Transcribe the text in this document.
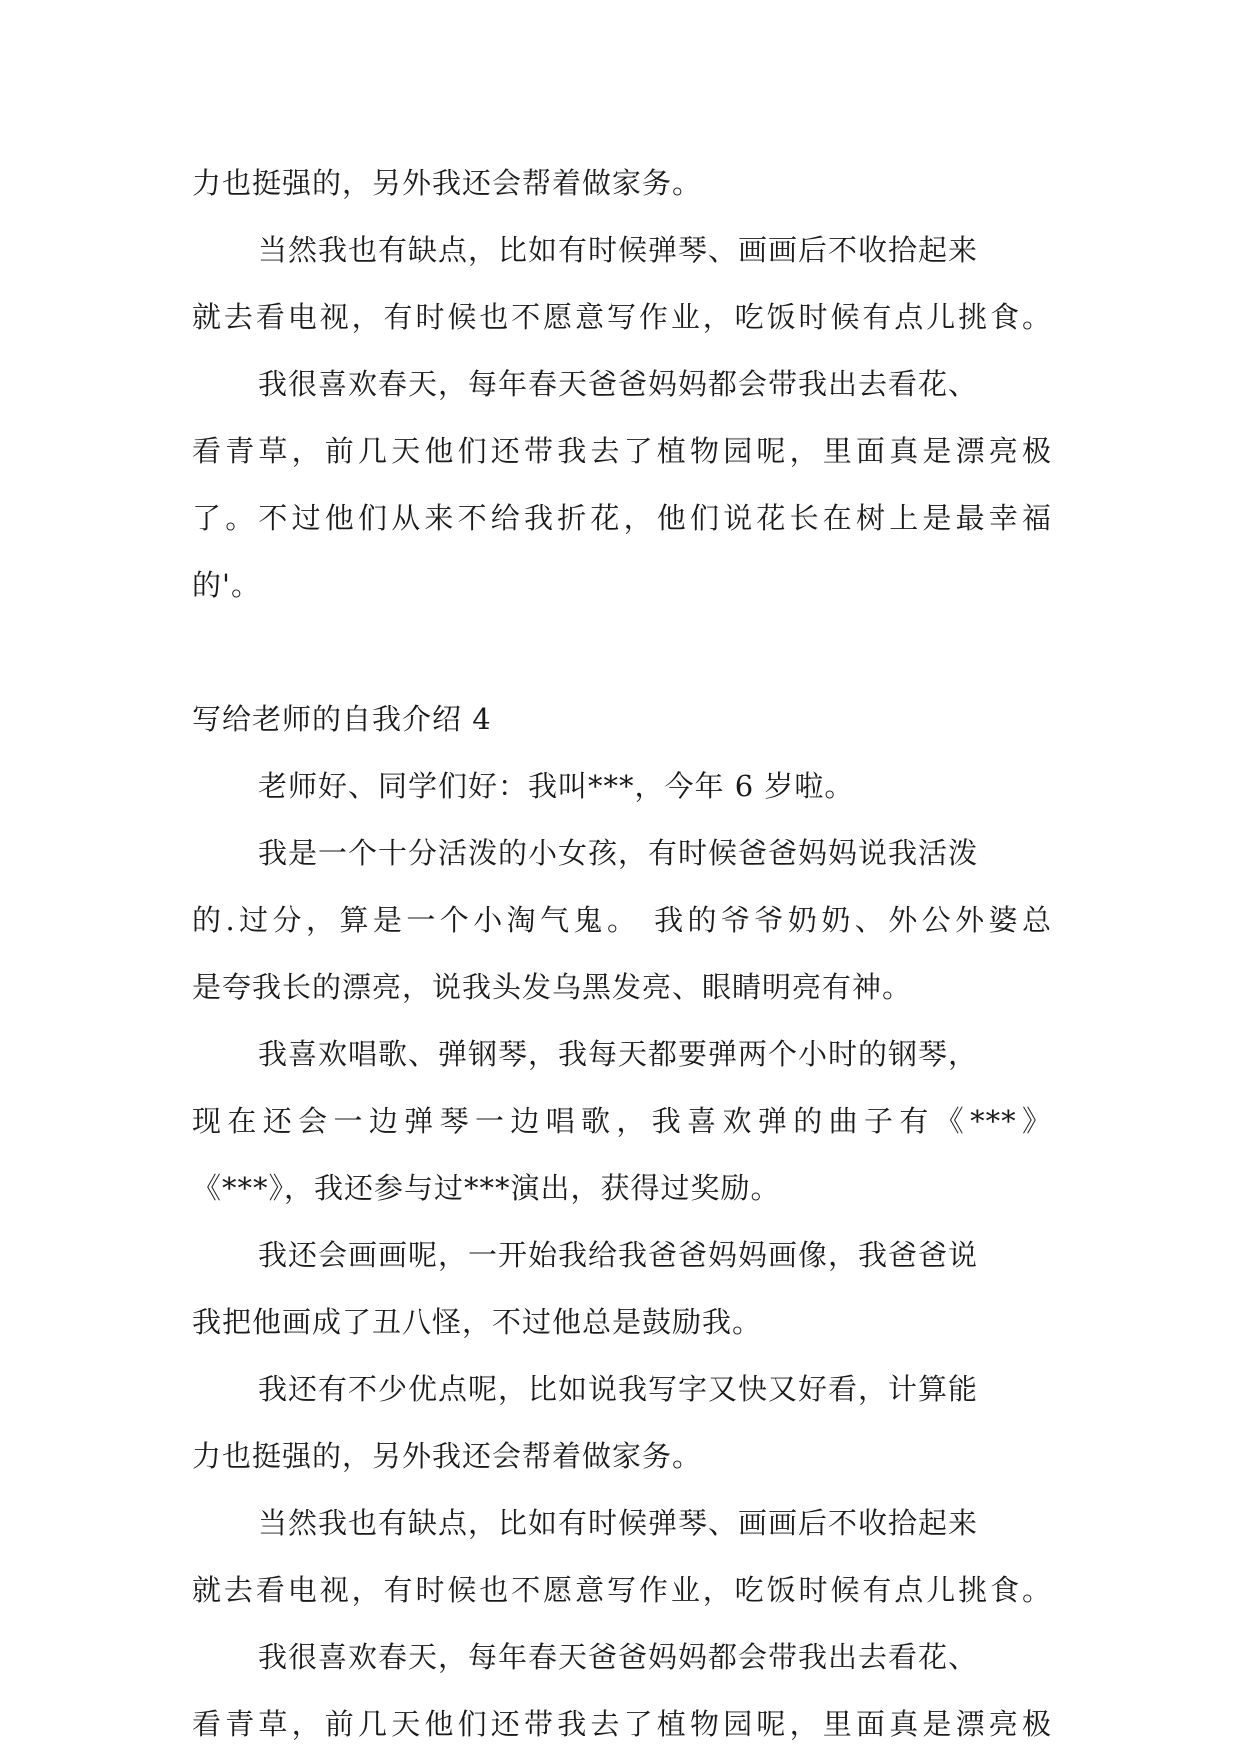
力也挺强的，另外我还会帮着做家务。
当然我也有缺点，比如有时候弹琴、画画后不收拾起来
就去看电视，有时候也不愿意写作业，吃饭时候有点儿挑食。
我很喜欢春天，每年春天爸爸妈妈都会带我出去看花、
看青草，前几天他们还带我去了植物园呢，里面真是漂亮极
了。不过他们从来不给我折花，他们说花长在树上是最幸福
的'。
写给老师的自我介绍 4
老师好、同学们好：我叫***，今年 6 岁啦。
我是一个十分活泼的小女孩，有时候爸爸妈妈说我活泼
的.过分，算是一个小淘气鬼。 我的爷爷奶奶、外公外婆总
是夸我长的漂亮，说我头发乌黑发亮、眼睛明亮有神。
我喜欢唱歌、弹钢琴，我每天都要弹两个小时的钢琴，
现在还会一边弹琴一边唱歌，我喜欢弹的曲子有《***》
《***》，我还参与过***演出，获得过奖励。
我还会画画呢，一开始我给我爸爸妈妈画像，我爸爸说
我把他画成了丑八怪，不过他总是鼓励我。
我还有不少优点呢，比如说我写字又快又好看，计算能
力也挺强的，另外我还会帮着做家务。
当然我也有缺点，比如有时候弹琴、画画后不收拾起来
就去看电视，有时候也不愿意写作业，吃饭时候有点儿挑食。
我很喜欢春天，每年春天爸爸妈妈都会带我出去看花、
看青草，前几天他们还带我去了植物园呢，里面真是漂亮极
